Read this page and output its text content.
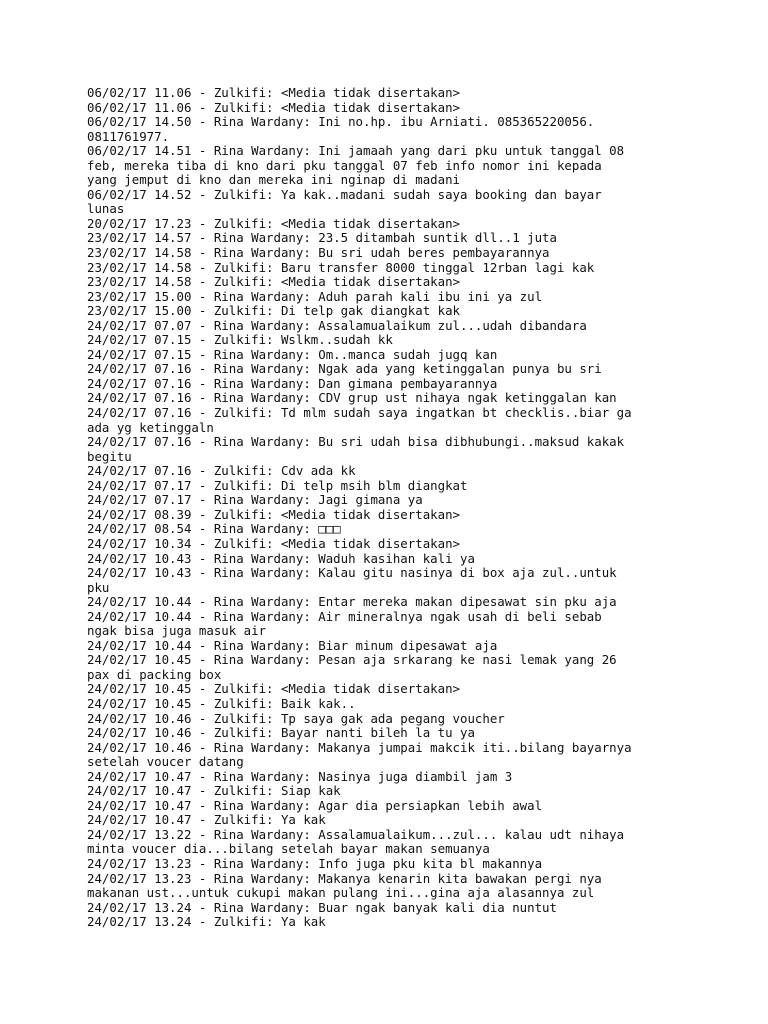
06/02/17 11.06 - Zulkifi: <Media tidak disertakan>
06/02/17 11.06 - Zulkifi: <Media tidak disertakan>
06/02/17 14.50 - Rina Wardany: Ini no.hp. ibu Arniati. 085365220056.
0811761977.
06/02/17 14.51 - Rina Wardany: Ini jamaah yang dari pku untuk tanggal 08
feb, mereka tiba di kno dari pku tanggal 07 feb info nomor ini kepada
yang jemput di kno dan mereka ini nginap di madani
06/02/17 14.52 - Zulkifi: Ya kak..madani sudah saya booking dan bayar
lunas
20/02/17 17.23 - Zulkifi: <Media tidak disertakan>
23/02/17 14.57 - Rina Wardany: 23.5 ditambah suntik dll..1 juta
23/02/17 14.58 - Rina Wardany: Bu sri udah beres pembayarannya
23/02/17 14.58 - Zulkifi: Baru transfer 8000 tinggal 12rban lagi kak
23/02/17 14.58 - Zulkifi: <Media tidak disertakan>
23/02/17 15.00 - Rina Wardany: Aduh parah kali ibu ini ya zul
23/02/17 15.00 - Zulkifi: Di telp gak diangkat kak
24/02/17 07.07 - Rina Wardany: Assalamualaikum zul...udah dibandara
24/02/17 07.15 - Zulkifi: Wslkm..sudah kk
24/02/17 07.15 - Rina Wardany: Om..manca sudah jugq kan
24/02/17 07.16 - Rina Wardany: Ngak ada yang ketinggalan punya bu sri
24/02/17 07.16 - Rina Wardany: Dan gimana pembayarannya
24/02/17 07.16 - Rina Wardany: CDV grup ust nihaya ngak ketinggalan kan
24/02/17 07.16 - Zulkifi: Td mlm sudah saya ingatkan bt checklis..biar ga
ada yg ketinggaln
24/02/17 07.16 - Rina Wardany: Bu sri udah bisa dibhubungi..maksud kakak
begitu
24/02/17 07.16 - Zulkifi: Cdv ada kk
24/02/17 07.17 - Zulkifi: Di telp msih blm diangkat
24/02/17 07.17 - Rina Wardany: Jagi gimana ya
24/02/17 08.39 - Zulkifi: <Media tidak disertakan>
24/02/17 08.54 - Rina Wardany: □□□
24/02/17 10.34 - Zulkifi: <Media tidak disertakan>
24/02/17 10.43 - Rina Wardany: Waduh kasihan kali ya
24/02/17 10.43 - Rina Wardany: Kalau gitu nasinya di box aja zul..untuk
pku
24/02/17 10.44 - Rina Wardany: Entar mereka makan dipesawat sin pku aja
24/02/17 10.44 - Rina Wardany: Air mineralnya ngak usah di beli sebab
ngak bisa juga masuk air
24/02/17 10.44 - Rina Wardany: Biar minum dipesawat aja
24/02/17 10.45 - Rina Wardany: Pesan aja srkarang ke nasi lemak yang 26
pax di packing box
24/02/17 10.45 - Zulkifi: <Media tidak disertakan>
24/02/17 10.45 - Zulkifi: Baik kak..
24/02/17 10.46 - Zulkifi: Tp saya gak ada pegang voucher
24/02/17 10.46 - Zulkifi: Bayar nanti bileh la tu ya
24/02/17 10.46 - Rina Wardany: Makanya jumpai makcik iti..bilang bayarnya
setelah voucer datang
24/02/17 10.47 - Rina Wardany: Nasinya juga diambil jam 3
24/02/17 10.47 - Zulkifi: Siap kak
24/02/17 10.47 - Rina Wardany: Agar dia persiapkan lebih awal
24/02/17 10.47 - Zulkifi: Ya kak
24/02/17 13.22 - Rina Wardany: Assalamualaikum...zul... kalau udt nihaya
minta voucer dia...bilang setelah bayar makan semuanya
24/02/17 13.23 - Rina Wardany: Info juga pku kita bl makannya
24/02/17 13.23 - Rina Wardany: Makanya kenarin kita bawakan pergi nya
makanan ust...untuk cukupi makan pulang ini...gina aja alasannya zul
24/02/17 13.24 - Rina Wardany: Buar ngak banyak kali dia nuntut
24/02/17 13.24 - Zulkifi: Ya kak
